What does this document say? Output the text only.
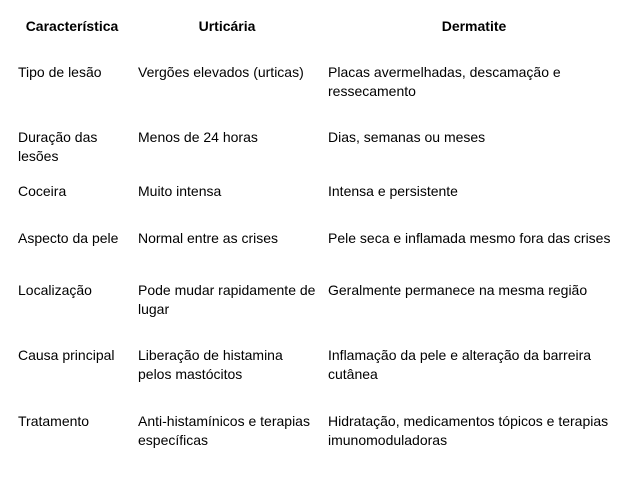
Característica	Urticária	Dermatite
Tipo de lesão	Vergões elevados (urticas)	Placas avermelhadas, descamação e ressecamento
Duração das lesões	Menos de 24 horas	Dias, semanas ou meses
Coceira	Muito intensa	Intensa e persistente
Aspecto da pele	Normal entre as crises	Pele seca e inflamada mesmo fora das crises
Localização	Pode mudar rapidamente de lugar	Geralmente permanece na mesma região
Causa principal	Liberação de histamina pelos mastócitos	Inflamação da pele e alteração da barreira cutânea
Tratamento	Anti-histamínicos e terapias específicas	Hidratação, medicamentos tópicos e terapias imunomoduladoras
